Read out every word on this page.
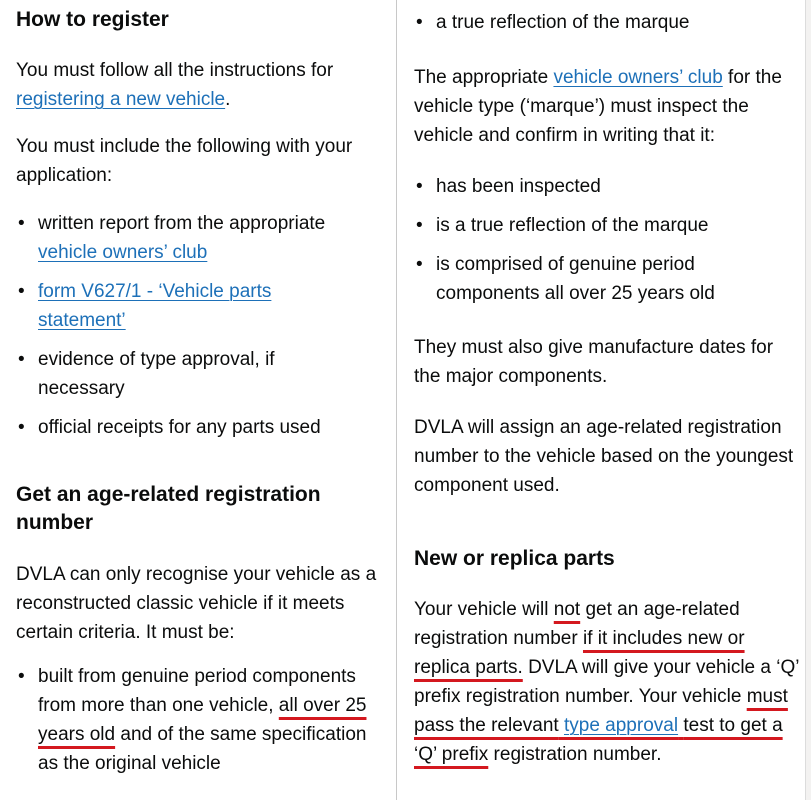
How to register

You must follow all the instructions for registering a new vehicle.

You must include the following with your application:

• written report from the appropriate
vehicle owners’ club
• form V627/1 - ‘Vehicle parts statement’
• evidence of type approval, if necessary
• official receipts for any parts used
Get an age-related registration number

DVLA can only recognise your vehicle as a reconstructed classic vehicle if it meets certain criteria. It must be:

• built from genuine period components from more than one vehicle, all over 25 years old and of the same specification as the original vehicle
• a true reflection of the marque

The appropriate vehicle owners’ club for the vehicle type (‘marque’) must inspect the vehicle and confirm in writing that it:

• has been inspected
• is a true reflection of the marque
• is comprised of genuine period components all over 25 years old

They must also give manufacture dates for the major components.

DVLA will assign an age-related registration number to the vehicle based on the youngest component used.

New or replica parts

Your vehicle will not get an age-related registration number if it includes new or replica parts. DVLA will give your vehicle a ‘Q’ prefix registration number. Your vehicle must pass the relevant type approval test to get a ‘Q’ prefix registration number.
